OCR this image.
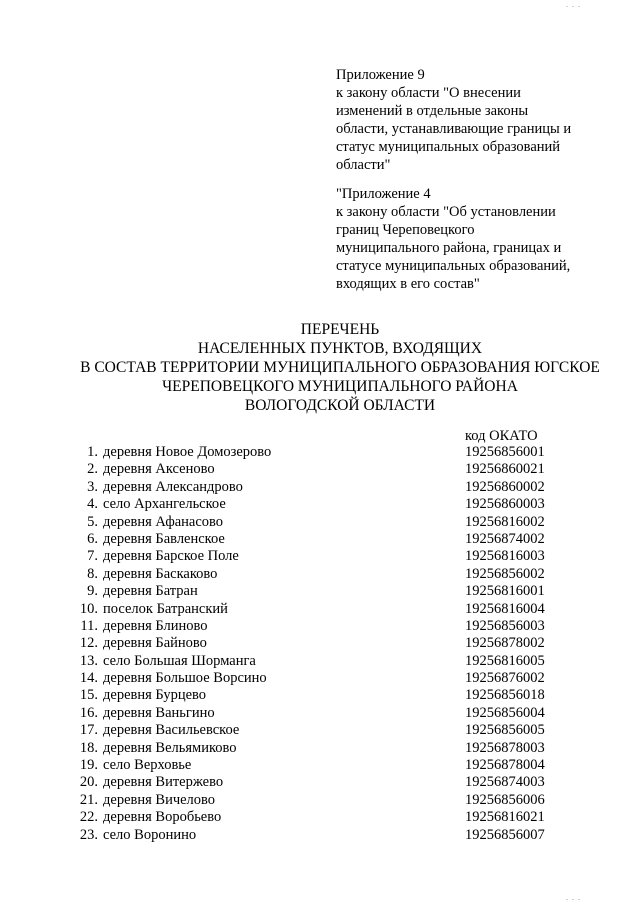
. . .
Приложение 9
к закону области "О внесении
изменений в отдельные законы
области, устанавливающие границы и
статус муниципальных образований
области"
"Приложение 4
к закону области "Об установлении
границ Череповецкого
муниципального района, границах и
статусе муниципальных образований,
входящих в его состав"
ПЕРЕЧЕНЬ
НАСЕЛЕННЫХ ПУНКТОВ, ВХОДЯЩИХ
В СОСТАВ ТЕРРИТОРИИ МУНИЦИПАЛЬНОГО ОБРАЗОВАНИЯ ЮГСКОЕ
ЧЕРЕПОВЕЦКОГО МУНИЦИПАЛЬНОГО РАЙОНА
ВОЛОГОДСКОЙ ОБЛАСТИ
код ОКАТО
1. деревня Новое Домозерово	19256856001
2. деревня Аксеново	19256860021
3. деревня Александрово	19256860002
4. село Архангельское	19256860003
5. деревня Афанасово	19256816002
6. деревня Бавленское	19256874002
7. деревня Барское Поле	19256816003
8. деревня Баскаково	19256856002
9. деревня Батран	19256816001
10. поселок Батранский	19256816004
11. деревня Блиново	19256856003
12. деревня Байново	19256878002
13. село Большая Шорманга	19256816005
14. деревня Большое Ворсино	19256876002
15. деревня Бурцево	19256856018
16. деревня Ваньгино	19256856004
17. деревня Васильевское	19256856005
18. деревня Вельямиково	19256878003
19. село Верховье	19256878004
20. деревня Витержево	19256874003
21. деревня Вичелово	19256856006
22. деревня Воробьево	19256816021
23. село Воронино	19256856007
. . .
